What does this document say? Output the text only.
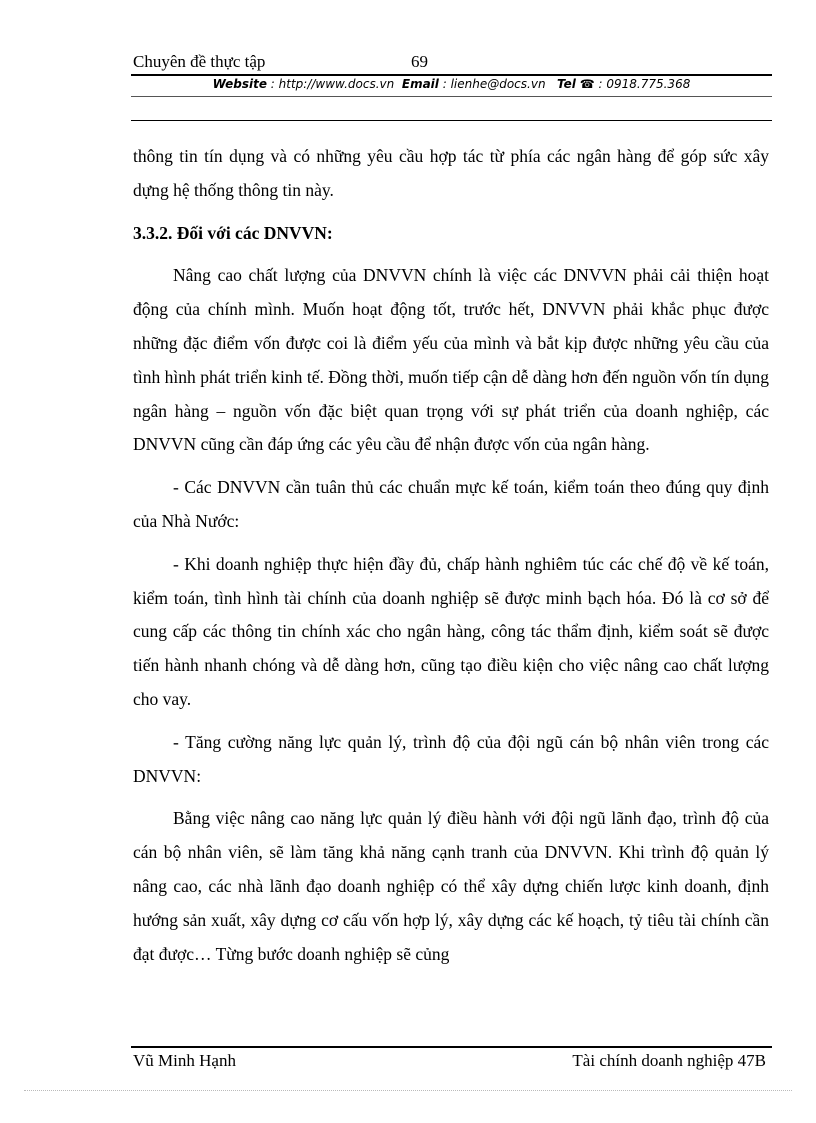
Chuyên đề thực tập	69
Website : http://www.docs.vn Email : lienhe@docs.vn Tel ☎ : 0918.775.368

thông tin tín dụng và có những yêu cầu hợp tác từ phía các ngân hàng để góp sức xây dựng hệ thống thông tin này.

3.3.2. Đối với các DNVVN:

Nâng cao chất lượng của DNVVN chính là việc các DNVVN phải cải thiện hoạt động của chính mình. Muốn hoạt động tốt, trước hết, DNVVN phải khắc phục được những đặc điểm vốn được coi là điểm yếu của mình và bắt kịp được những yêu cầu của tình hình phát triển kinh tế. Đồng thời, muốn tiếp cận dễ dàng hơn đến nguồn vốn tín dụng ngân hàng – nguồn vốn đặc biệt quan trọng với sự phát triển của doanh nghiệp, các DNVVN cũng cần đáp ứng các yêu cầu để nhận được vốn của ngân hàng.

- Các DNVVN cần tuân thủ các chuẩn mực kế toán, kiểm toán theo đúng quy định của Nhà Nước:

- Khi doanh nghiệp thực hiện đầy đủ, chấp hành nghiêm túc các chế độ về kế toán, kiểm toán, tình hình tài chính của doanh nghiệp sẽ được minh bạch hóa. Đó là cơ sở để cung cấp các thông tin chính xác cho ngân hàng, công tác thẩm định, kiểm soát sẽ được tiến hành nhanh chóng và dễ dàng hơn, cũng tạo điều kiện cho việc nâng cao chất lượng cho vay.

- Tăng cường năng lực quản lý, trình độ của đội ngũ cán bộ nhân viên trong các DNVVN:

Bằng việc nâng cao năng lực quản lý điều hành với đội ngũ lãnh đạo, trình độ của cán bộ nhân viên, sẽ làm tăng khả năng cạnh tranh của DNVVN. Khi trình độ quản lý nâng cao, các nhà lãnh đạo doanh nghiệp có thể xây dựng chiến lược kinh doanh, định hướng sản xuất, xây dựng cơ cấu vốn hợp lý, xây dựng các kế hoạch, tỷ tiêu tài chính cần đạt được… Từng bước doanh nghiệp sẽ củng

Vũ Minh Hạnh	Tài chính doanh nghiệp 47B
